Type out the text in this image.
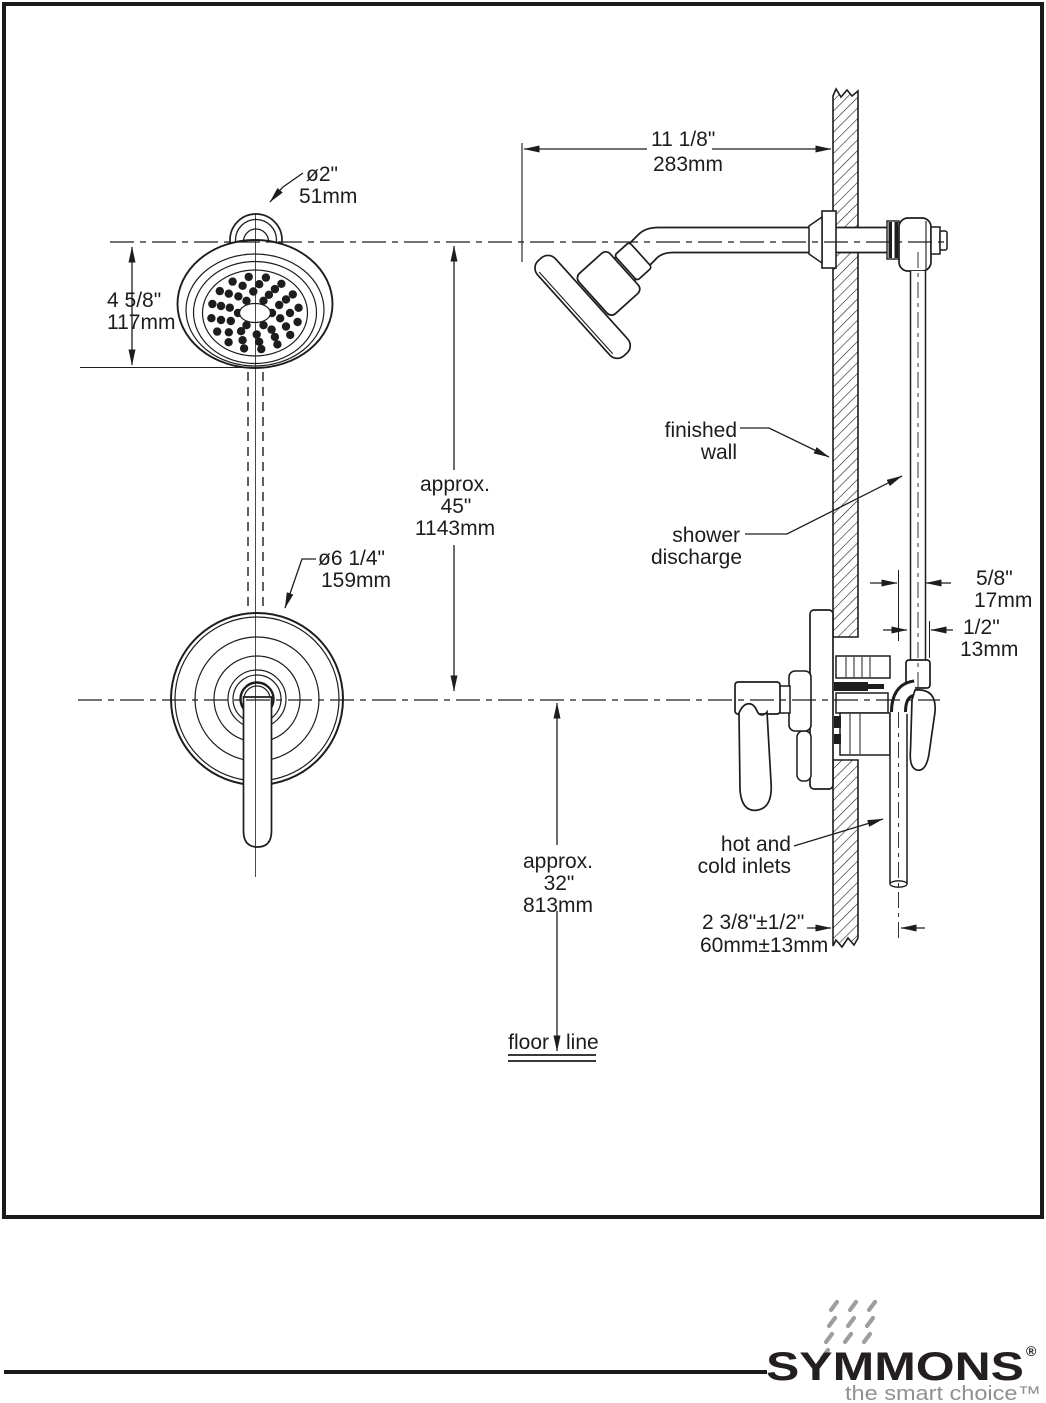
ø2"
51mm
4 5/8"
117mm
ø6 1/4"
159mm
11 1/8"
283mm
approx.
45"
1143mm
approx.
32"
813mm
5/8"
17mm
1/2"
13mm
2 3/8"±1/2"
60mm±13mm
finished
wall
shower
discharge
hot and
cold inlets
floor line
SYMMONS ®
the smart choice™
